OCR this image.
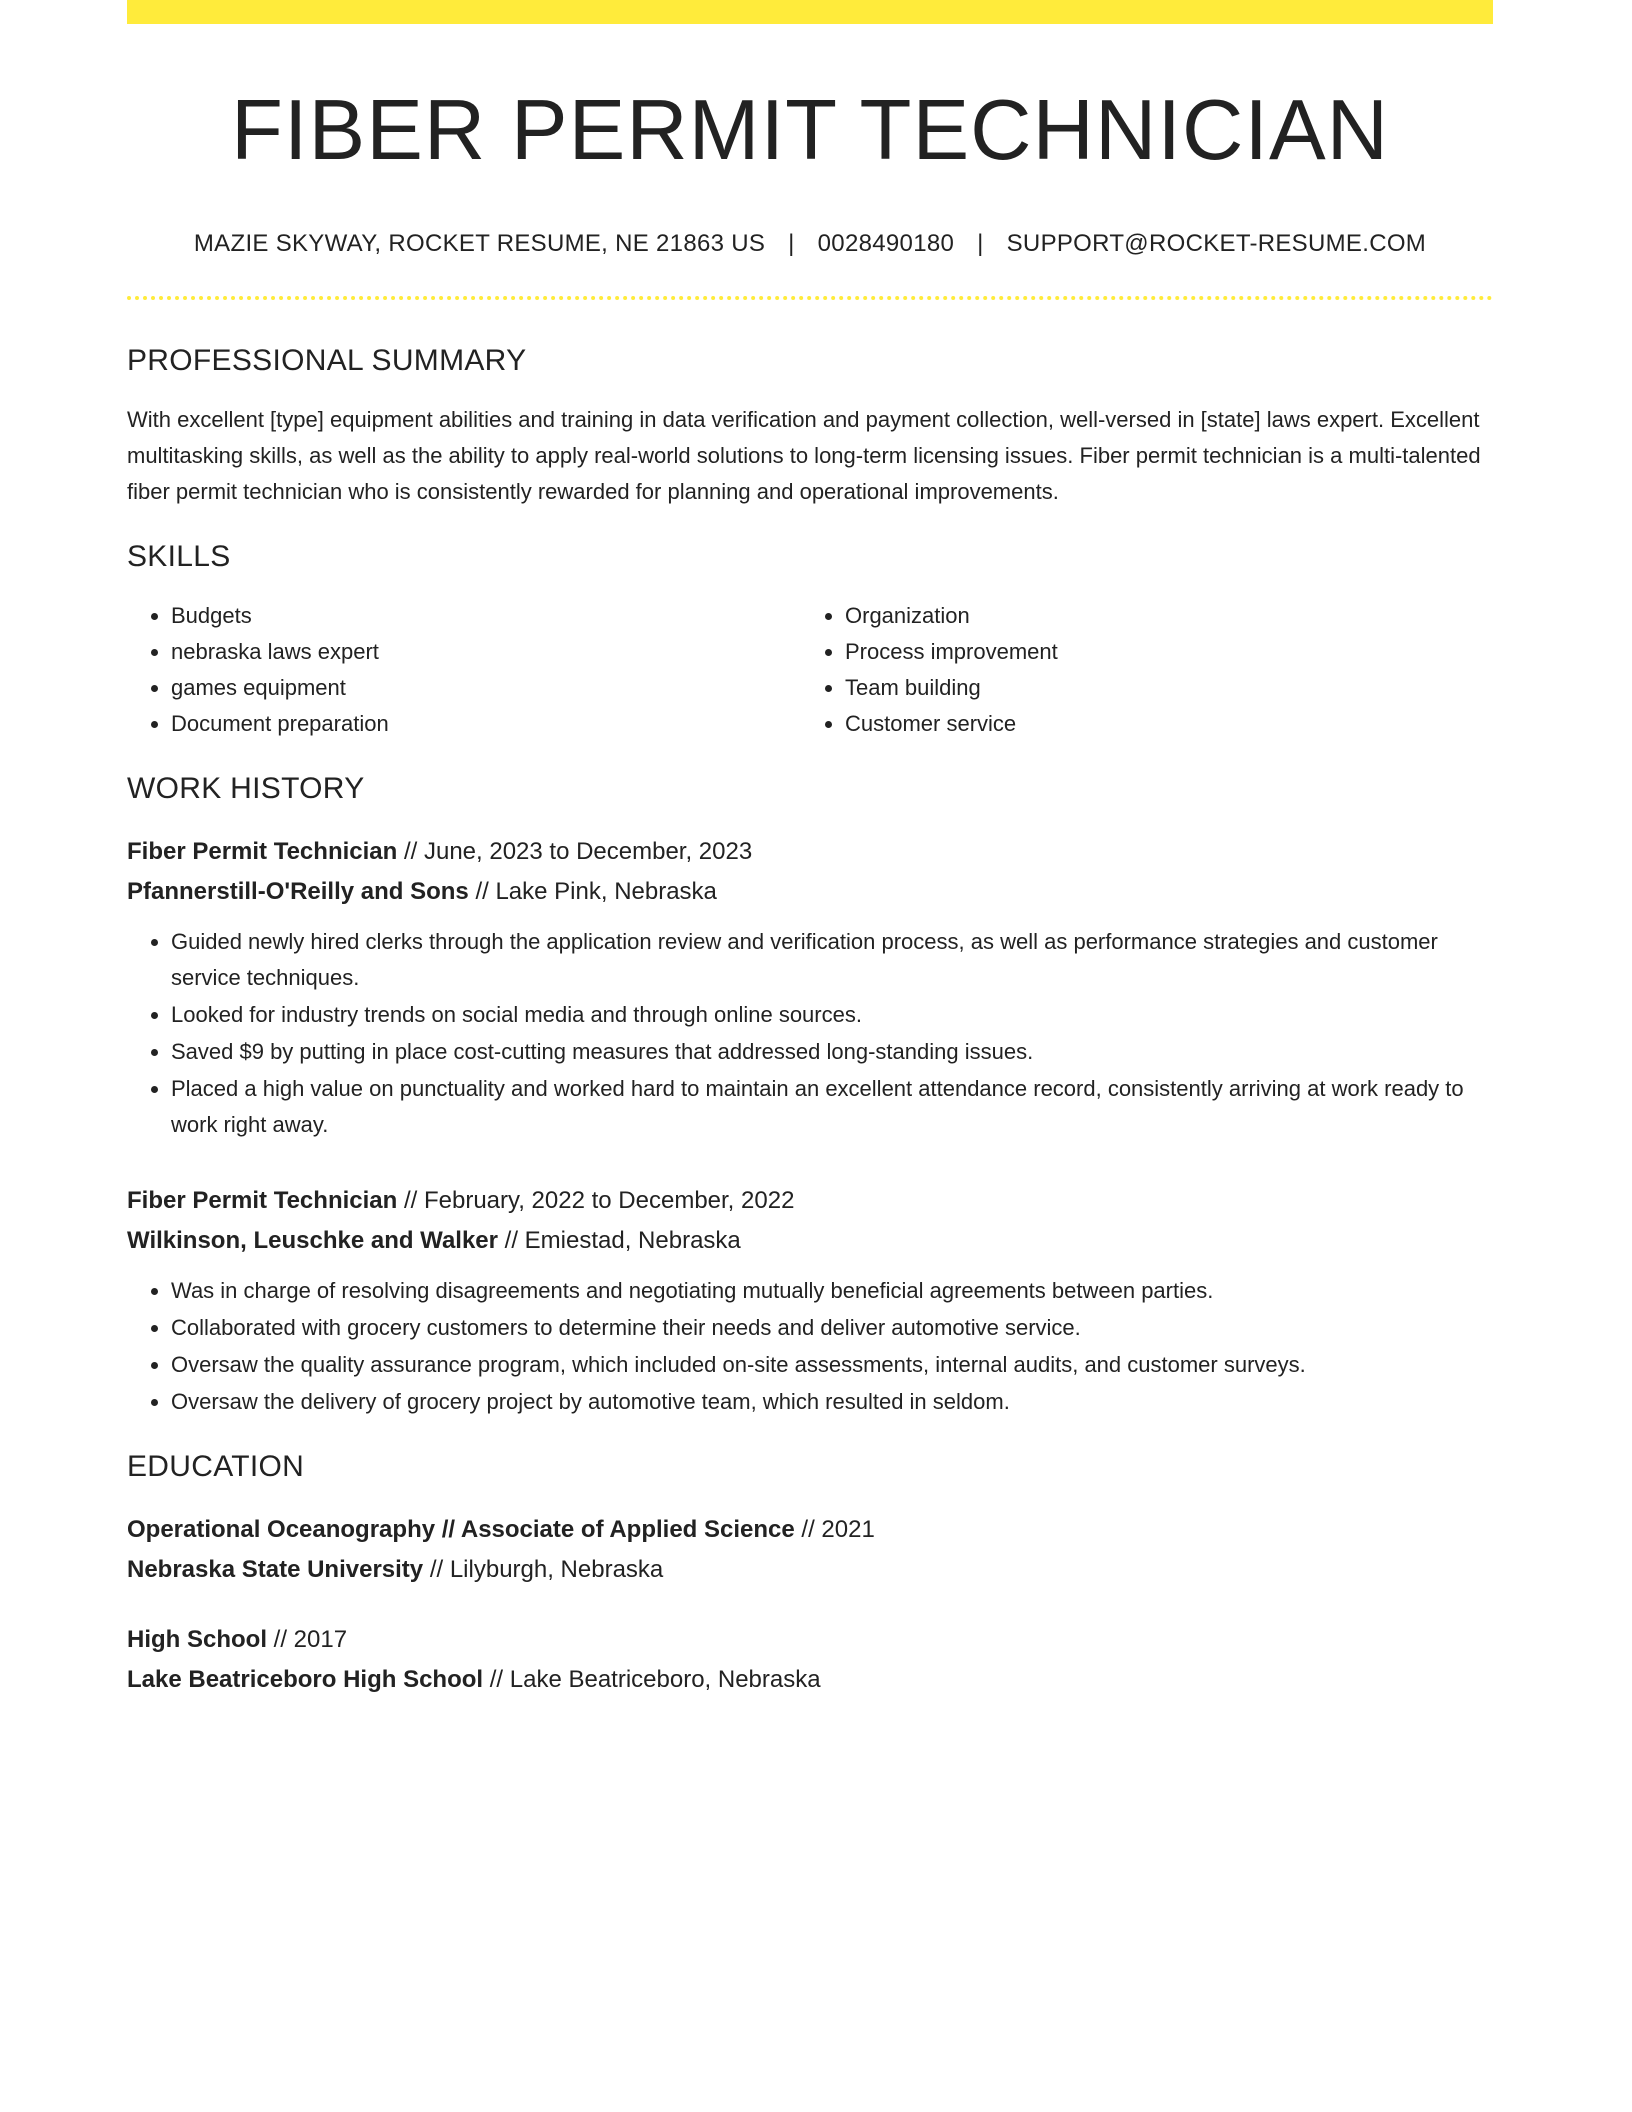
FIBER PERMIT TECHNICIAN
MAZIE SKYWAY, ROCKET RESUME, NE 21863 US | 0028490180 | SUPPORT@ROCKET-RESUME.COM
PROFESSIONAL SUMMARY
With excellent [type] equipment abilities and training in data verification and payment collection, well-versed in [state] laws expert. Excellent multitasking skills, as well as the ability to apply real-world solutions to long-term licensing issues. Fiber permit technician is a multi-talented fiber permit technician who is consistently rewarded for planning and operational improvements.
SKILLS
• Budgets
• nebraska laws expert
• games equipment
• Document preparation
• Organization
• Process improvement
• Team building
• Customer service
WORK HISTORY
Fiber Permit Technician // June, 2023 to December, 2023
Pfannerstill-O'Reilly and Sons // Lake Pink, Nebraska
• Guided newly hired clerks through the application review and verification process, as well as performance strategies and customer service techniques.
• Looked for industry trends on social media and through online sources.
• Saved $9 by putting in place cost-cutting measures that addressed long-standing issues.
• Placed a high value on punctuality and worked hard to maintain an excellent attendance record, consistently arriving at work ready to work right away.
Fiber Permit Technician // February, 2022 to December, 2022
Wilkinson, Leuschke and Walker // Emiestad, Nebraska
• Was in charge of resolving disagreements and negotiating mutually beneficial agreements between parties.
• Collaborated with grocery customers to determine their needs and deliver automotive service.
• Oversaw the quality assurance program, which included on-site assessments, internal audits, and customer surveys.
• Oversaw the delivery of grocery project by automotive team, which resulted in seldom.
EDUCATION
Operational Oceanography // Associate of Applied Science // 2021
Nebraska State University // Lilyburgh, Nebraska
High School // 2017
Lake Beatriceboro High School // Lake Beatriceboro, Nebraska
